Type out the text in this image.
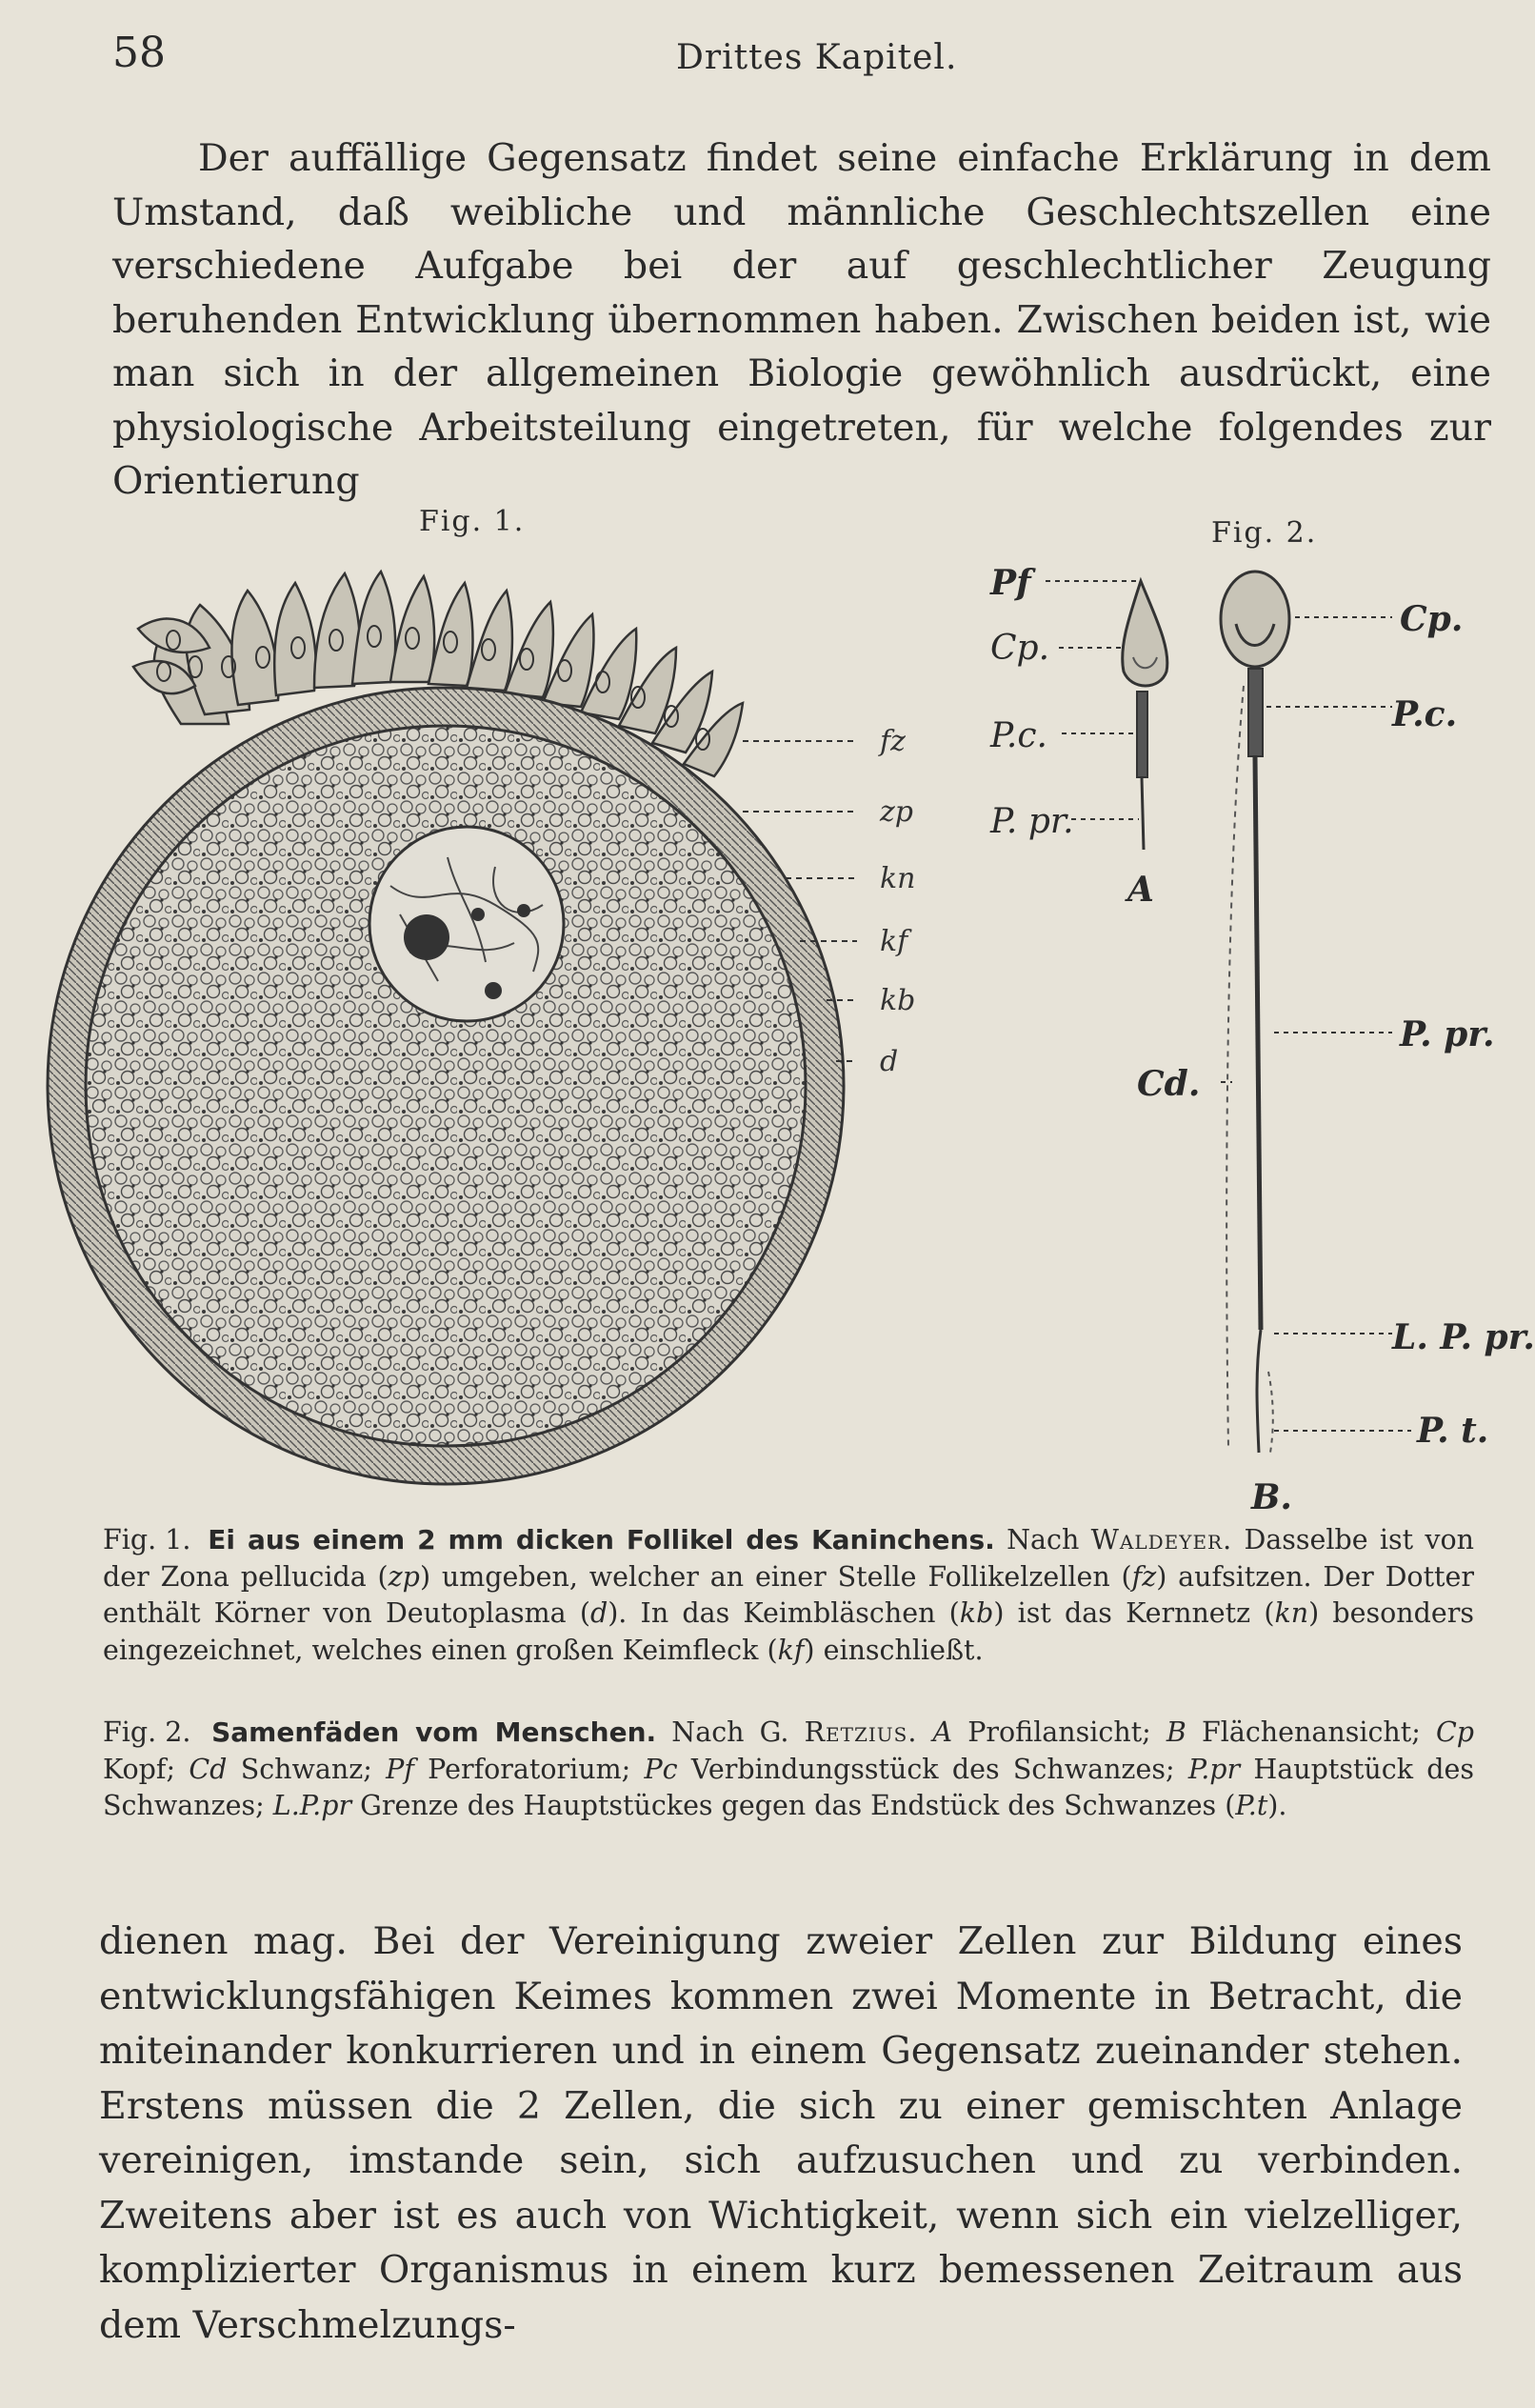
58	Drittes Kapitel.

Der auffällige Gegensatz findet seine einfache Erklärung in dem Umstand, daß weibliche und männliche Geschlechtszellen eine verschiedene Aufgabe bei der auf geschlechtlicher Zeugung beruhenden Entwicklung übernommen haben. Zwischen beiden ist, wie man sich in der allgemeinen Biologie gewöhnlich ausdrückt, eine physiologische Arbeitsteilung eingetreten, für welche folgendes zur Orientierung

Fig. 1.	Fig. 2.
fz
zp
kn
kf
kb
d
Pf
Cp.
P.c.
P. pr.
A
Cp.
P.c.
P. pr.
Cd.
L. P. pr.
P. t.
B.

Fig. 1. Ei aus einem 2 mm dicken Follikel des Kaninchens. Nach Waldeyer. Dasselbe ist von der Zona pellucida (zp) umgeben, welcher an einer Stelle Follikelzellen (fz) aufsitzen. Der Dotter enthält Körner von Deutoplasma (d). In das Keimbläschen (kb) ist das Kernnetz (kn) besonders eingezeichnet, welches einen großen Keimfleck (kf) einschließt.

Fig. 2. Samenfäden vom Menschen. Nach G. Retzius. A Profilansicht; B Flächenansicht; Cp Kopf; Cd Schwanz; Pf Perforatorium; Pc Verbindungsstück des Schwanzes; P.pr Hauptstück des Schwanzes; L.P.pr Grenze des Hauptstückes gegen das Endstück des Schwanzes (P.t).

dienen mag. Bei der Vereinigung zweier Zellen zur Bildung eines entwicklungsfähigen Keimes kommen zwei Momente in Betracht, die miteinander konkurrieren und in einem Gegensatz zueinander stehen. Erstens müssen die 2 Zellen, die sich zu einer gemischten Anlage vereinigen, imstande sein, sich aufzusuchen und zu verbinden. Zweitens aber ist es auch von Wichtigkeit, wenn sich ein vielzelliger, komplizierter Organismus in einem kurz bemessenen Zeitraum aus dem Verschmelzungs-
